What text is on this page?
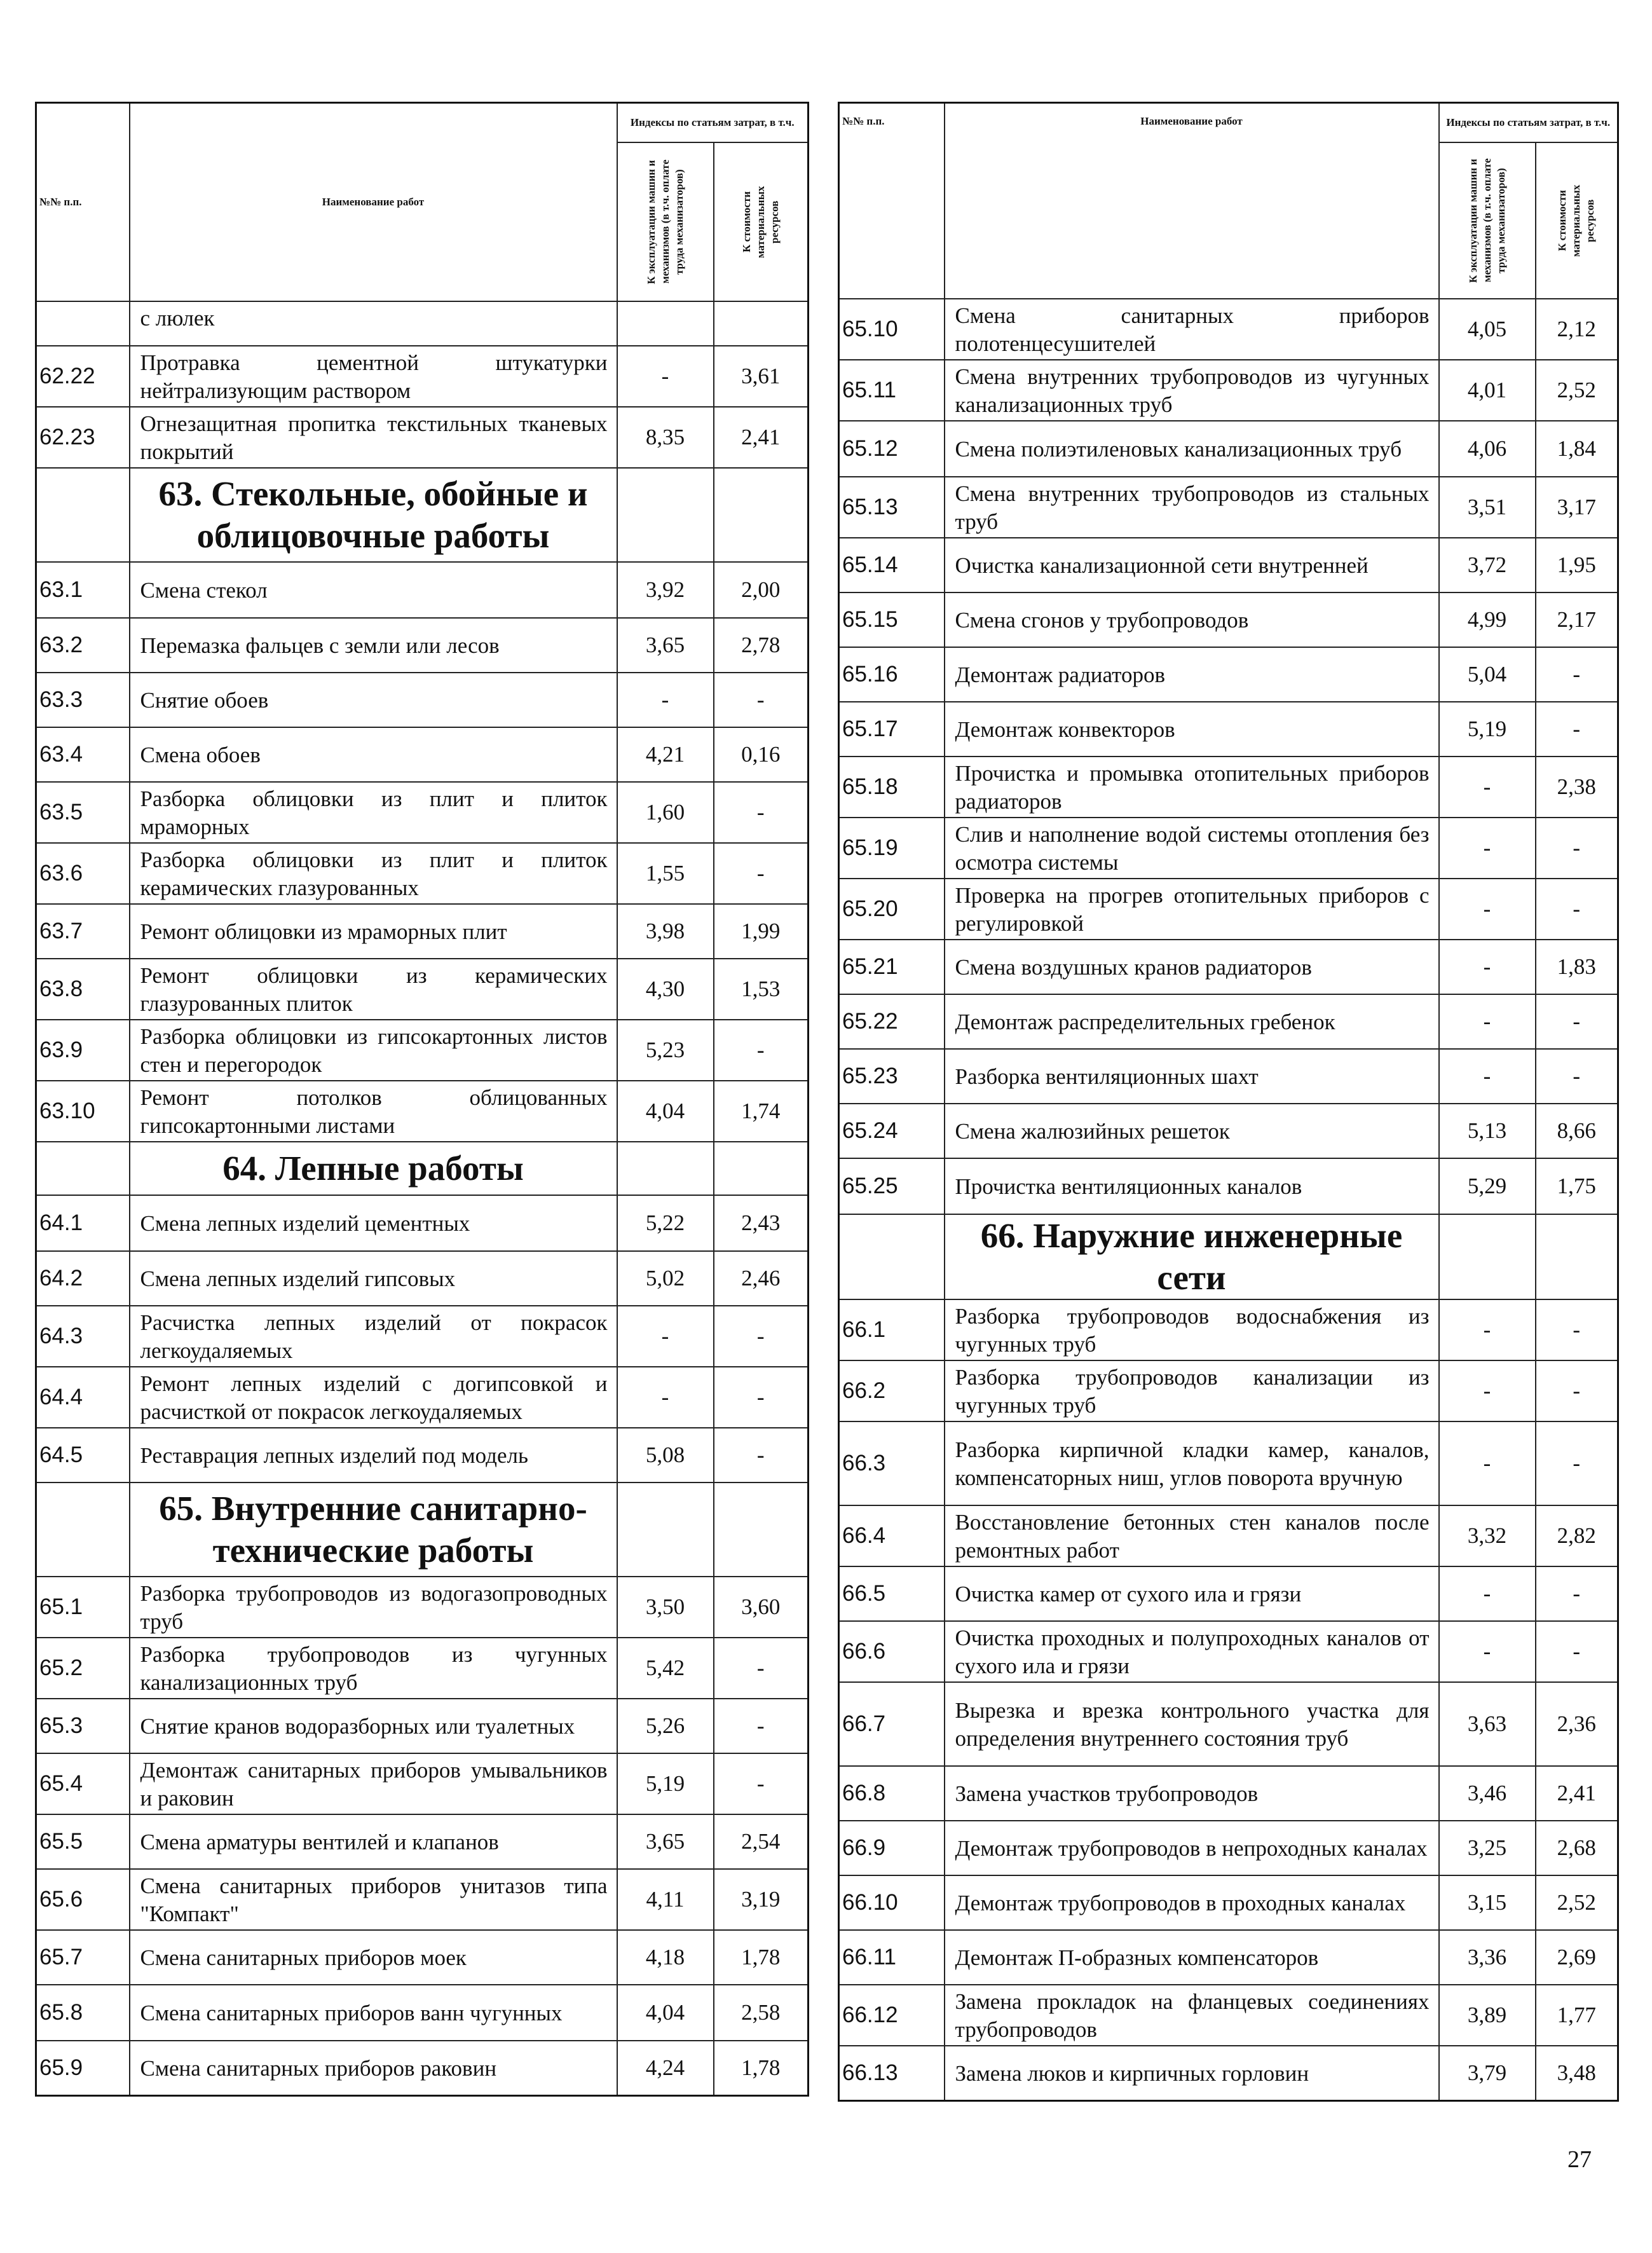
№№ п.п.	Наименование работ	Индексы по статьям затрат, в т.ч.	

		К эксплуатации машин и механизмов (в т.ч. оплате труда механизаторов)	К стоимости материальных ресурсов

	с люлек		
62.22	Протравка цементной штукатурки нейтрализующим раствором	-	3,61
62.23	Огнезащитная пропитка текстильных тканевых покрытий	8,35	2,41
	63. Стекольные, обойные и облицовочные работы		
63.1	Смена стекол	3,92	2,00
63.2	Перемазка фальцев с земли или лесов	3,65	2,78
63.3	Снятие обоев	-	-
63.4	Смена обоев	4,21	0,16
63.5	Разборка облицовки из плит и плиток мраморных	1,60	-
63.6	Разборка облицовки из плит и плиток керамических глазурованных	1,55	-
63.7	Ремонт облицовки из мраморных плит	3,98	1,99
63.8	Ремонт облицовки из керамических глазурованных плиток	4,30	1,53
63.9	Разборка облицовки из гипсокартонных листов стен и перегородок	5,23	-
63.10	Ремонт потолков облицованных гипсокартонными листами	4,04	1,74
	64. Лепные работы		
64.1	Смена лепных изделий цементных	5,22	2,43
64.2	Смена лепных изделий гипсовых	5,02	2,46
64.3	Расчистка лепных изделий от покрасок легкоудаляемых	-	-
64.4	Ремонт лепных изделий с догипсовкой и расчисткой от покрасок легкоудаляемых	-	-
64.5	Реставрация лепных изделий под модель	5,08	-
	65. Внутренние санитарно-технические работы		
65.1	Разборка трубопроводов из водогазопроводных труб	3,50	3,60
65.2	Разборка трубопроводов из чугунных канализационных труб	5,42	-
65.3	Снятие кранов водоразборных или туалетных	5,26	-
65.4	Демонтаж санитарных приборов умывальников и раковин	5,19	-
65.5	Смена арматуры вентилей и клапанов	3,65	2,54
65.6	Смена санитарных приборов унитазов типа "Компакт"	4,11	3,19
65.7	Смена санитарных приборов моек	4,18	1,78
65.8	Смена санитарных приборов ванн чугунных	4,04	2,58
65.9	Смена санитарных приборов раковин	4,24	1,78
№№ п.п.	Наименование работ	Индексы по статьям затрат, в т.ч.	

		К эксплуатации машин и механизмов (в т.ч. оплате труда механизаторов)	К стоимости материальных ресурсов

65.10	Смена санитарных приборов полотенцесушителей	4,05	2,12
65.11	Смена внутренних трубопроводов из чугунных канализационных труб	4,01	2,52
65.12	Смена полиэтиленовых канализационных труб	4,06	1,84
65.13	Смена внутренних трубопроводов из стальных труб	3,51	3,17
65.14	Очистка канализационной сети внутренней	3,72	1,95
65.15	Смена сгонов у трубопроводов	4,99	2,17
65.16	Демонтаж радиаторов	5,04	-
65.17	Демонтаж конвекторов	5,19	-
65.18	Прочистка и промывка отопительных приборов радиаторов	-	2,38
65.19	Слив и наполнение водой системы отопления без осмотра системы	-	-
65.20	Проверка на прогрев отопительных приборов с регулировкой	-	-
65.21	Смена воздушных кранов радиаторов	-	1,83
65.22	Демонтаж распределительных гребенок	-	-
65.23	Разборка вентиляционных шахт	-	-
65.24	Смена жалюзийных решеток	5,13	8,66
65.25	Прочистка вентиляционных каналов	5,29	1,75
	66. Наружние инженерные сети		
66.1	Разборка трубопроводов водоснабжения из чугунных труб	-	-
66.2	Разборка трубопроводов канализации из чугунных труб	-	-
66.3	Разборка кирпичной кладки камер, каналов, компенсаторных ниш, углов поворота вручную	-	-
66.4	Восстановление бетонных стен каналов после ремонтных работ	3,32	2,82
66.5	Очистка камер от сухого ила и грязи	-	-
66.6	Очистка проходных и полупроходных каналов от сухого ила и грязи	-	-
66.7	Вырезка и врезка контрольного участка для определения внутреннего состояния труб	3,63	2,36
66.8	Замена участков трубопроводов	3,46	2,41
66.9	Демонтаж трубопроводов в непроходных каналах	3,25	2,68
66.10	Демонтаж трубопроводов в проходных каналах	3,15	2,52
66.11	Демонтаж П-образных компенсаторов	3,36	2,69
66.12	Замена прокладок на фланцевых соединениях трубопроводов	3,89	1,77
66.13	Замена люков и кирпичных горловин	3,79	3,48
27
